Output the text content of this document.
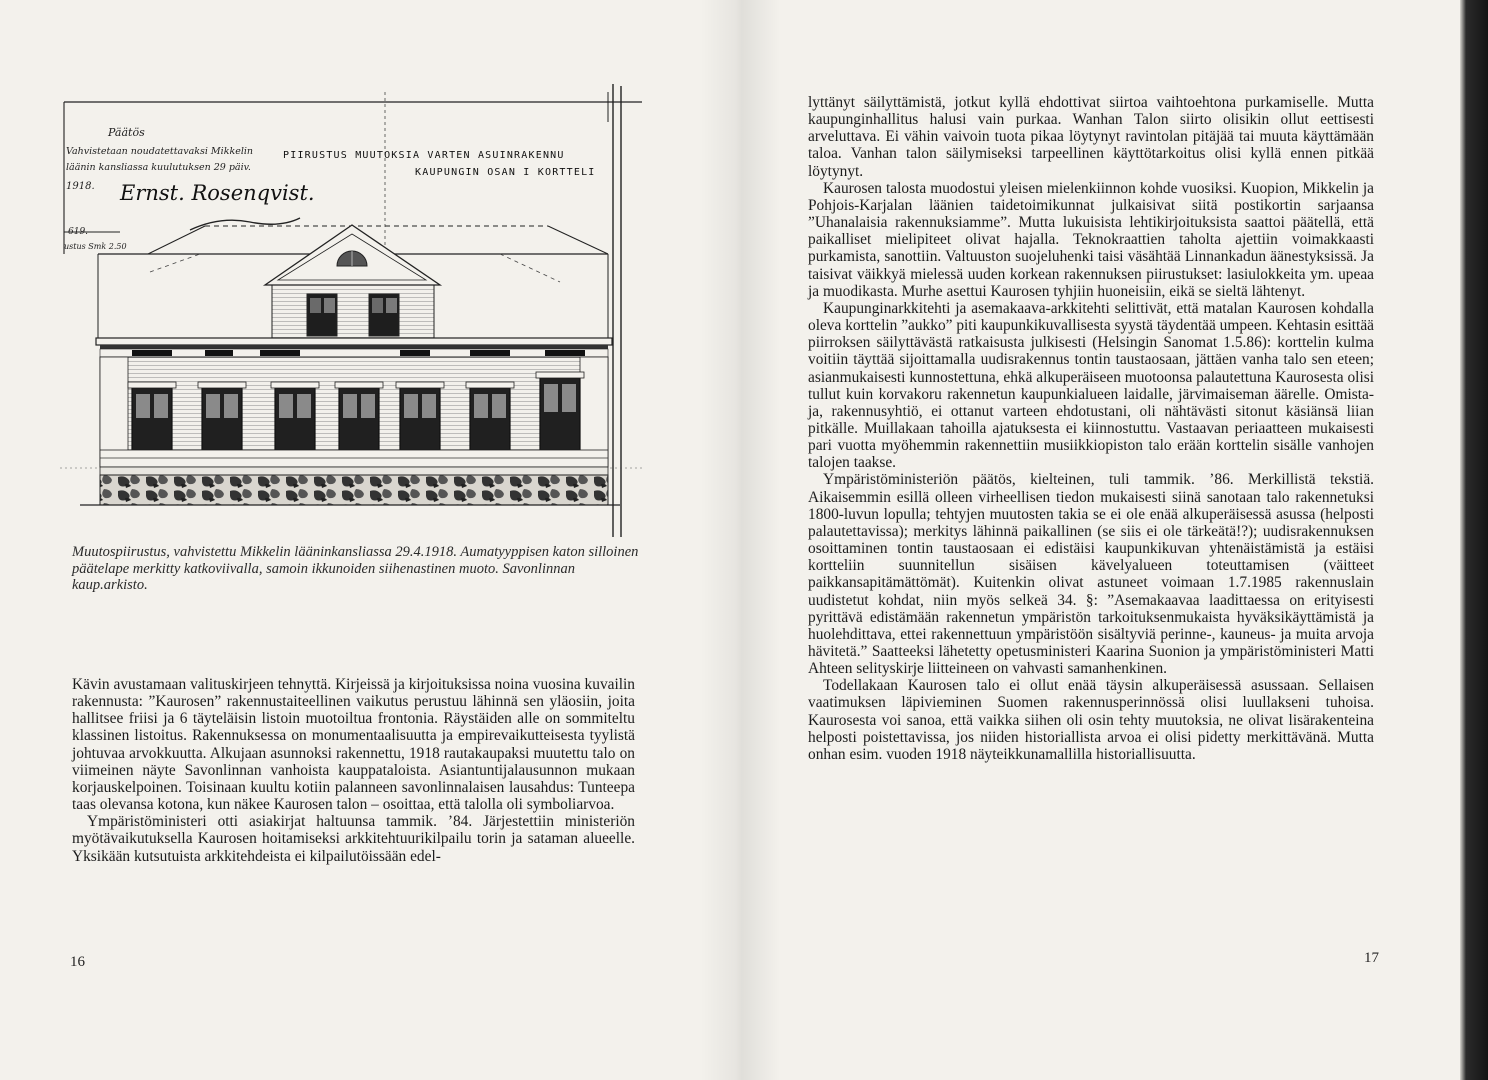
Päätös
Vahvistetaan noudatettavaksi Mikkelin
läänin kansliassa kuulutuksen 29 päiv.
1918. Ernst. Rosenqvist.
619.
ustus Smk 2.50
PIIRUSTUS MUUTOKSIA VARTEN ASUINRAKENNU
KAUPUNGIN OSAN I KORTTELI
Muutospiirustus, vahvistettu Mikkelin lääninkansliassa 29.4.1918. Aumatyyppisen katon silloinen päätelape merkitty katkoviivalla, samoin ikkunoiden siihenastinen muoto. Savonlinnan kaup.arkisto.

Kävin avustamaan valituskirjeen tehnyttä. Kirjeissä ja kirjoituksissa noina vuosina kuvailin rakennusta: ”Kaurosen” rakennustaiteellinen vaikutus perustuu lähinnä sen yläosiin, joita hallitsee friisi ja 6 täyteläisin listoin muotoiltua frontonia. Räystäiden alle on sommiteltu klassinen listoitus. Rakennuksessa on monumentaalisuutta ja empirevaikutteisesta tyylistä johtuvaa arvokkuutta. Alkujaan asunnoksi rakennettu, 1918 rautakaupaksi muutettu talo on viimeinen näyte Savonlinnan vanhoista kauppataloista. Asiantuntijalausunnon mukaan korjauskelpoinen. Toisinaan kuultu kotiin palanneen savonlinnalaisen lausahdus: Tunteepa taas olevansa kotona, kun näkee Kaurosen talon – osoittaa, että talolla oli symboliarvoa.

Ympäristöministeri otti asiakirjat haltuunsa tammik. ’84. Järjestettiin ministeriön myötävaikutuksella Kaurosen hoitamiseksi arkkitehtuurikilpailu torin ja sataman alueelle. Yksikään kutsutuista arkkitehdeista ei kilpailutöissään edel-

16

lyttänyt säilyttämistä, jotkut kyllä ehdottivat siirtoa vaihtoehtona purkamiselle. Mutta kaupunginhallitus halusi vain purkaa. Wanhan Talon siirto olisikin ollut eettisesti arveluttava. Ei vähin vaivoin tuota pikaa löytynyt ravintolan pitäjää tai muuta käyttämään taloa. Vanhan talon säilymiseksi tarpeellinen käyttötarkoitus olisi kyllä ennen pitkää löytynyt.

Kaurosen talosta muodostui yleisen mielenkiinnon kohde vuosiksi. Kuopion, Mikkelin ja Pohjois-Karjalan läänien taidetoimikunnat julkaisivat siitä postikortin sarjaansa ”Uhanalaisia rakennuksiamme”. Mutta lukuisista lehtikirjoituksista saattoi päätellä, että paikalliset mielipiteet olivat hajalla. Teknokraattien taholta ajettiin voimakkaasti purkamista, sanottiin. Valtuuston suojeluhenki taisi väsähtää Linnankadun äänestyksissä. Ja taisivat väikkyä mielessä uuden korkean rakennuksen piirustukset: lasiulokkeita ym. upeaa ja muodikasta. Murhe asettui Kaurosen tyhjiin huoneisiin, eikä se sieltä lähtenyt.

Kaupunginarkkitehti ja asemakaava-arkkitehti selittivät, että matalan Kaurosen kohdalla oleva korttelin ”aukko” piti kaupunkikuvallisesta syystä täydentää umpeen. Kehtasin esittää piirroksen säilyttävästä ratkaisusta julkisesti (Helsingin Sanomat 1.5.86): korttelin kulma voitiin täyttää sijoittamalla uudisrakennus tontin taustaosaan, jättäen vanha talo sen eteen; asianmukaisesti kunnostettuna, ehkä alkuperäiseen muotoonsa palautettuna Kaurosesta olisi tullut kuin korvakoru rakennetun kaupunkialueen laidalle, järvimaiseman äärelle. Omista-ja, rakennusyhtiö, ei ottanut varteen ehdotustani, oli nähtävästi sitonut käsiänsä liian pitkälle. Muillakaan tahoilla ajatuksesta ei kiinnostuttu. Vastaavan periaatteen mukaisesti pari vuotta myöhemmin rakennettiin musiikkiopiston talo erään korttelin sisälle vanhojen talojen taakse.

Ympäristöministeriön päätös, kielteinen, tuli tammik. ’86. Merkillistä tekstiä. Aikaisemmin esillä olleen virheellisen tiedon mukaisesti siinä sanotaan talo rakennetuksi 1800-luvun lopulla; tehtyjen muutosten takia se ei ole enää alkuperäisessä asussa (helposti palautettavissa); merkitys lähinnä paikallinen (se siis ei ole tärkeätä!?); uudisrakennuksen osoittaminen tontin taustaosaan ei edistäisi kaupunkikuvan yhtenäistämistä ja estäisi kortteliin suunnitellun sisäisen kävelyalueen toteuttamisen (väitteet paikkansapitämättömät). Kuitenkin olivat astuneet voimaan 1.7.1985 rakennuslain uudistetut kohdat, niin myös selkeä 34. §: ”Asemakaavaa laadittaessa on erityisesti pyrittävä edistämään rakennetun ympäristön tarkoituksenmukaista hyväksikäyttämistä ja huolehdittava, ettei rakennettuun ympäristöön sisältyviä perinne-, kauneus- ja muita arvoja hävitetä.” Saatteeksi lähetetty opetusministeri Kaarina Suonion ja ympäristöministeri Matti Ahteen selityskirje liitteineen on vahvasti samanhenkinen.

Todellakaan Kaurosen talo ei ollut enää täysin alkuperäisessä asussaan. Sellaisen vaatimuksen läpivieminen Suomen rakennusperinnössä olisi luullakseni tuhoisa. Kaurosesta voi sanoa, että vaikka siihen oli osin tehty muutoksia, ne olivat lisärakenteina helposti poistettavissa, jos niiden historiallista arvoa ei olisi pidetty merkittävänä. Mutta onhan esim. vuoden 1918 näyteikkunamallilla historiallisuutta.

17
